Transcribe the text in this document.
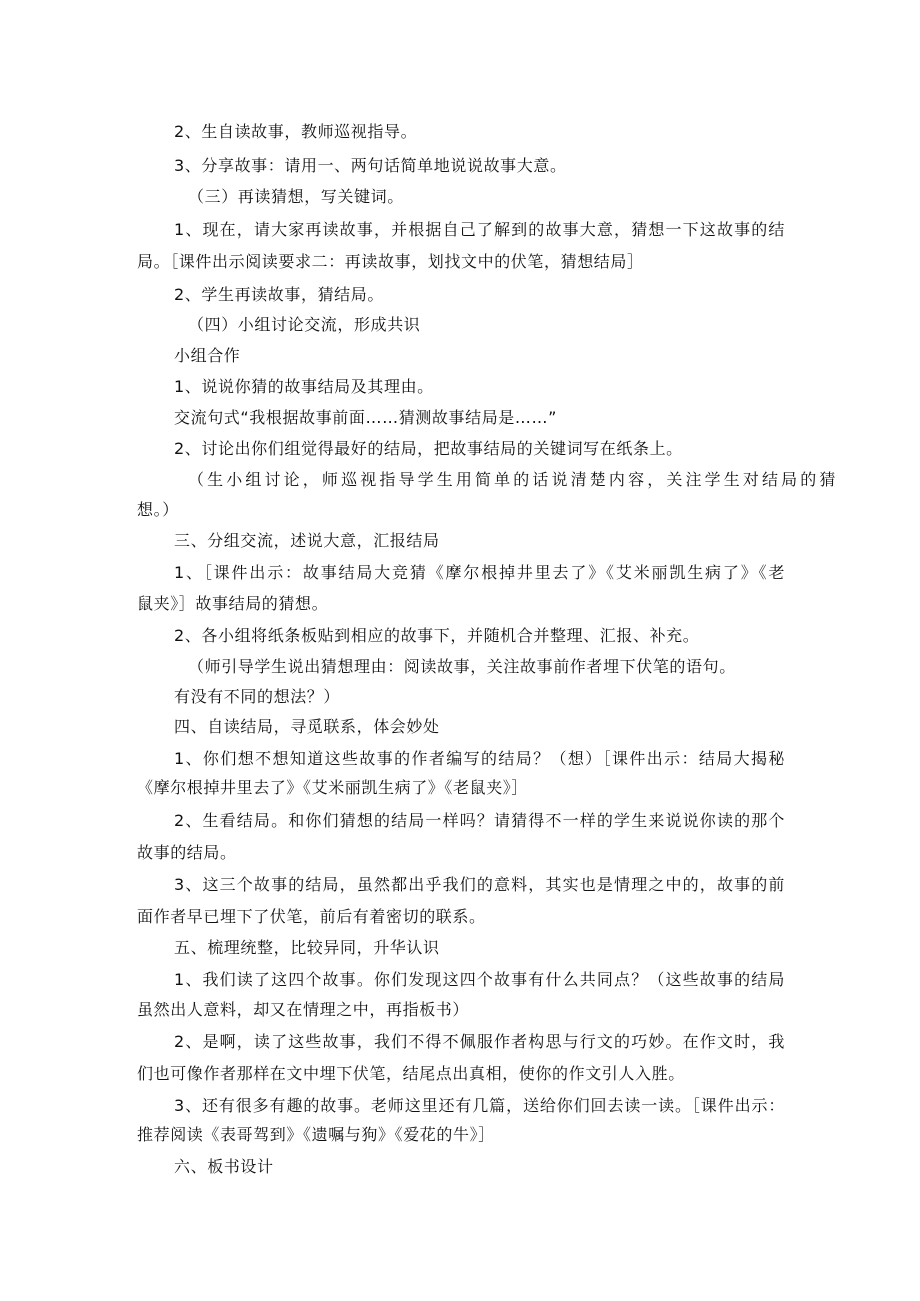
2、生自读故事，教师巡视指导。
3、分享故事：请用一、两句话简单地说说故事大意。
（三）再读猜想，写关键词。
1、现在，请大家再读故事，并根据自己了解到的故事大意，猜想一下这故事的结
局。［课件出示阅读要求二：再读故事，划找文中的伏笔，猜想结局］
2、学生再读故事，猜结局。
（四）小组讨论交流，形成共识
小组合作
1、说说你猜的故事结局及其理由。
交流句式“我根据故事前面……猜测故事结局是……”
2、讨论出你们组觉得最好的结局，把故事结局的关键词写在纸条上。
（生小组讨论，师巡视指导学生用简单的话说清楚内容，关注学生对结局的猜
想。）
三、分组交流，述说大意，汇报结局
1、［课件出示：故事结局大竞猜《摩尔根掉井里去了》《艾米丽凯生病了》《老
鼠夹》］故事结局的猜想。
2、各小组将纸条板贴到相应的故事下，并随机合并整理、汇报、补充。
（师引导学生说出猜想理由：阅读故事，关注故事前作者埋下伏笔的语句。
有没有不同的想法？）
四、自读结局，寻觅联系，体会妙处
1、你们想不想知道这些故事的作者编写的结局？（想）［课件出示：结局大揭秘
《摩尔根掉井里去了》《艾米丽凯生病了》《老鼠夹》］
2、生看结局。和你们猜想的结局一样吗？请猜得不一样的学生来说说你读的那个
故事的结局。
3、这三个故事的结局，虽然都出乎我们的意料，其实也是情理之中的，故事的前
面作者早已埋下了伏笔，前后有着密切的联系。
五、梳理统整，比较异同，升华认识
1、我们读了这四个故事。你们发现这四个故事有什么共同点？（这些故事的结局
虽然出人意料，却又在情理之中，再指板书）
2、是啊，读了这些故事，我们不得不佩服作者构思与行文的巧妙。在作文时，我
们也可像作者那样在文中埋下伏笔，结尾点出真相，使你的作文引人入胜。
3、还有很多有趣的故事。老师这里还有几篇，送给你们回去读一读。［课件出示：
推荐阅读《表哥驾到》《遗嘱与狗》《爱花的牛》］
六、板书设计
